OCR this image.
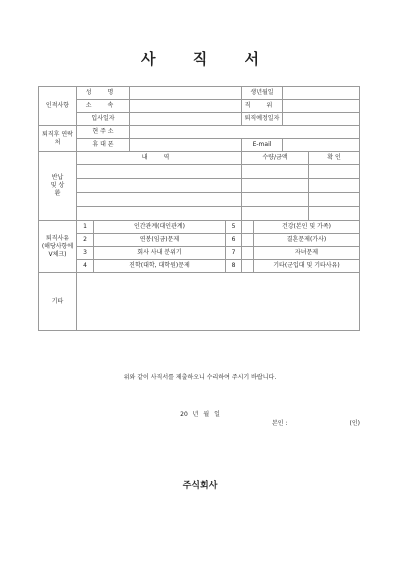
사 직 서
인적사항	성 명				생년월일			
	소 속				직 위			
	입사일자				퇴직예정일자			
퇴직후 연락처	현 주 소							
	휴 대 폰				E-mail			
반납 및 상환	내 역				수량/금액			확 인

퇴직사유 (해당사항에 V체크)	1	인간관계(대인관계)		5		건강(본인 및 가족)		
	2	연봉(임금)문제		6		결혼문제(가사)		
	3	회사 사내 분위기		7		자녀문제		
	4	진학(대학, 대학원)문제		8		기타(군입대 및 기타사유)		
기타								
위와 같이 사직서를 제출하오니 수리하여 주시기 바랍니다.
20 년 월 일
본인 :	(인)
주식회사
